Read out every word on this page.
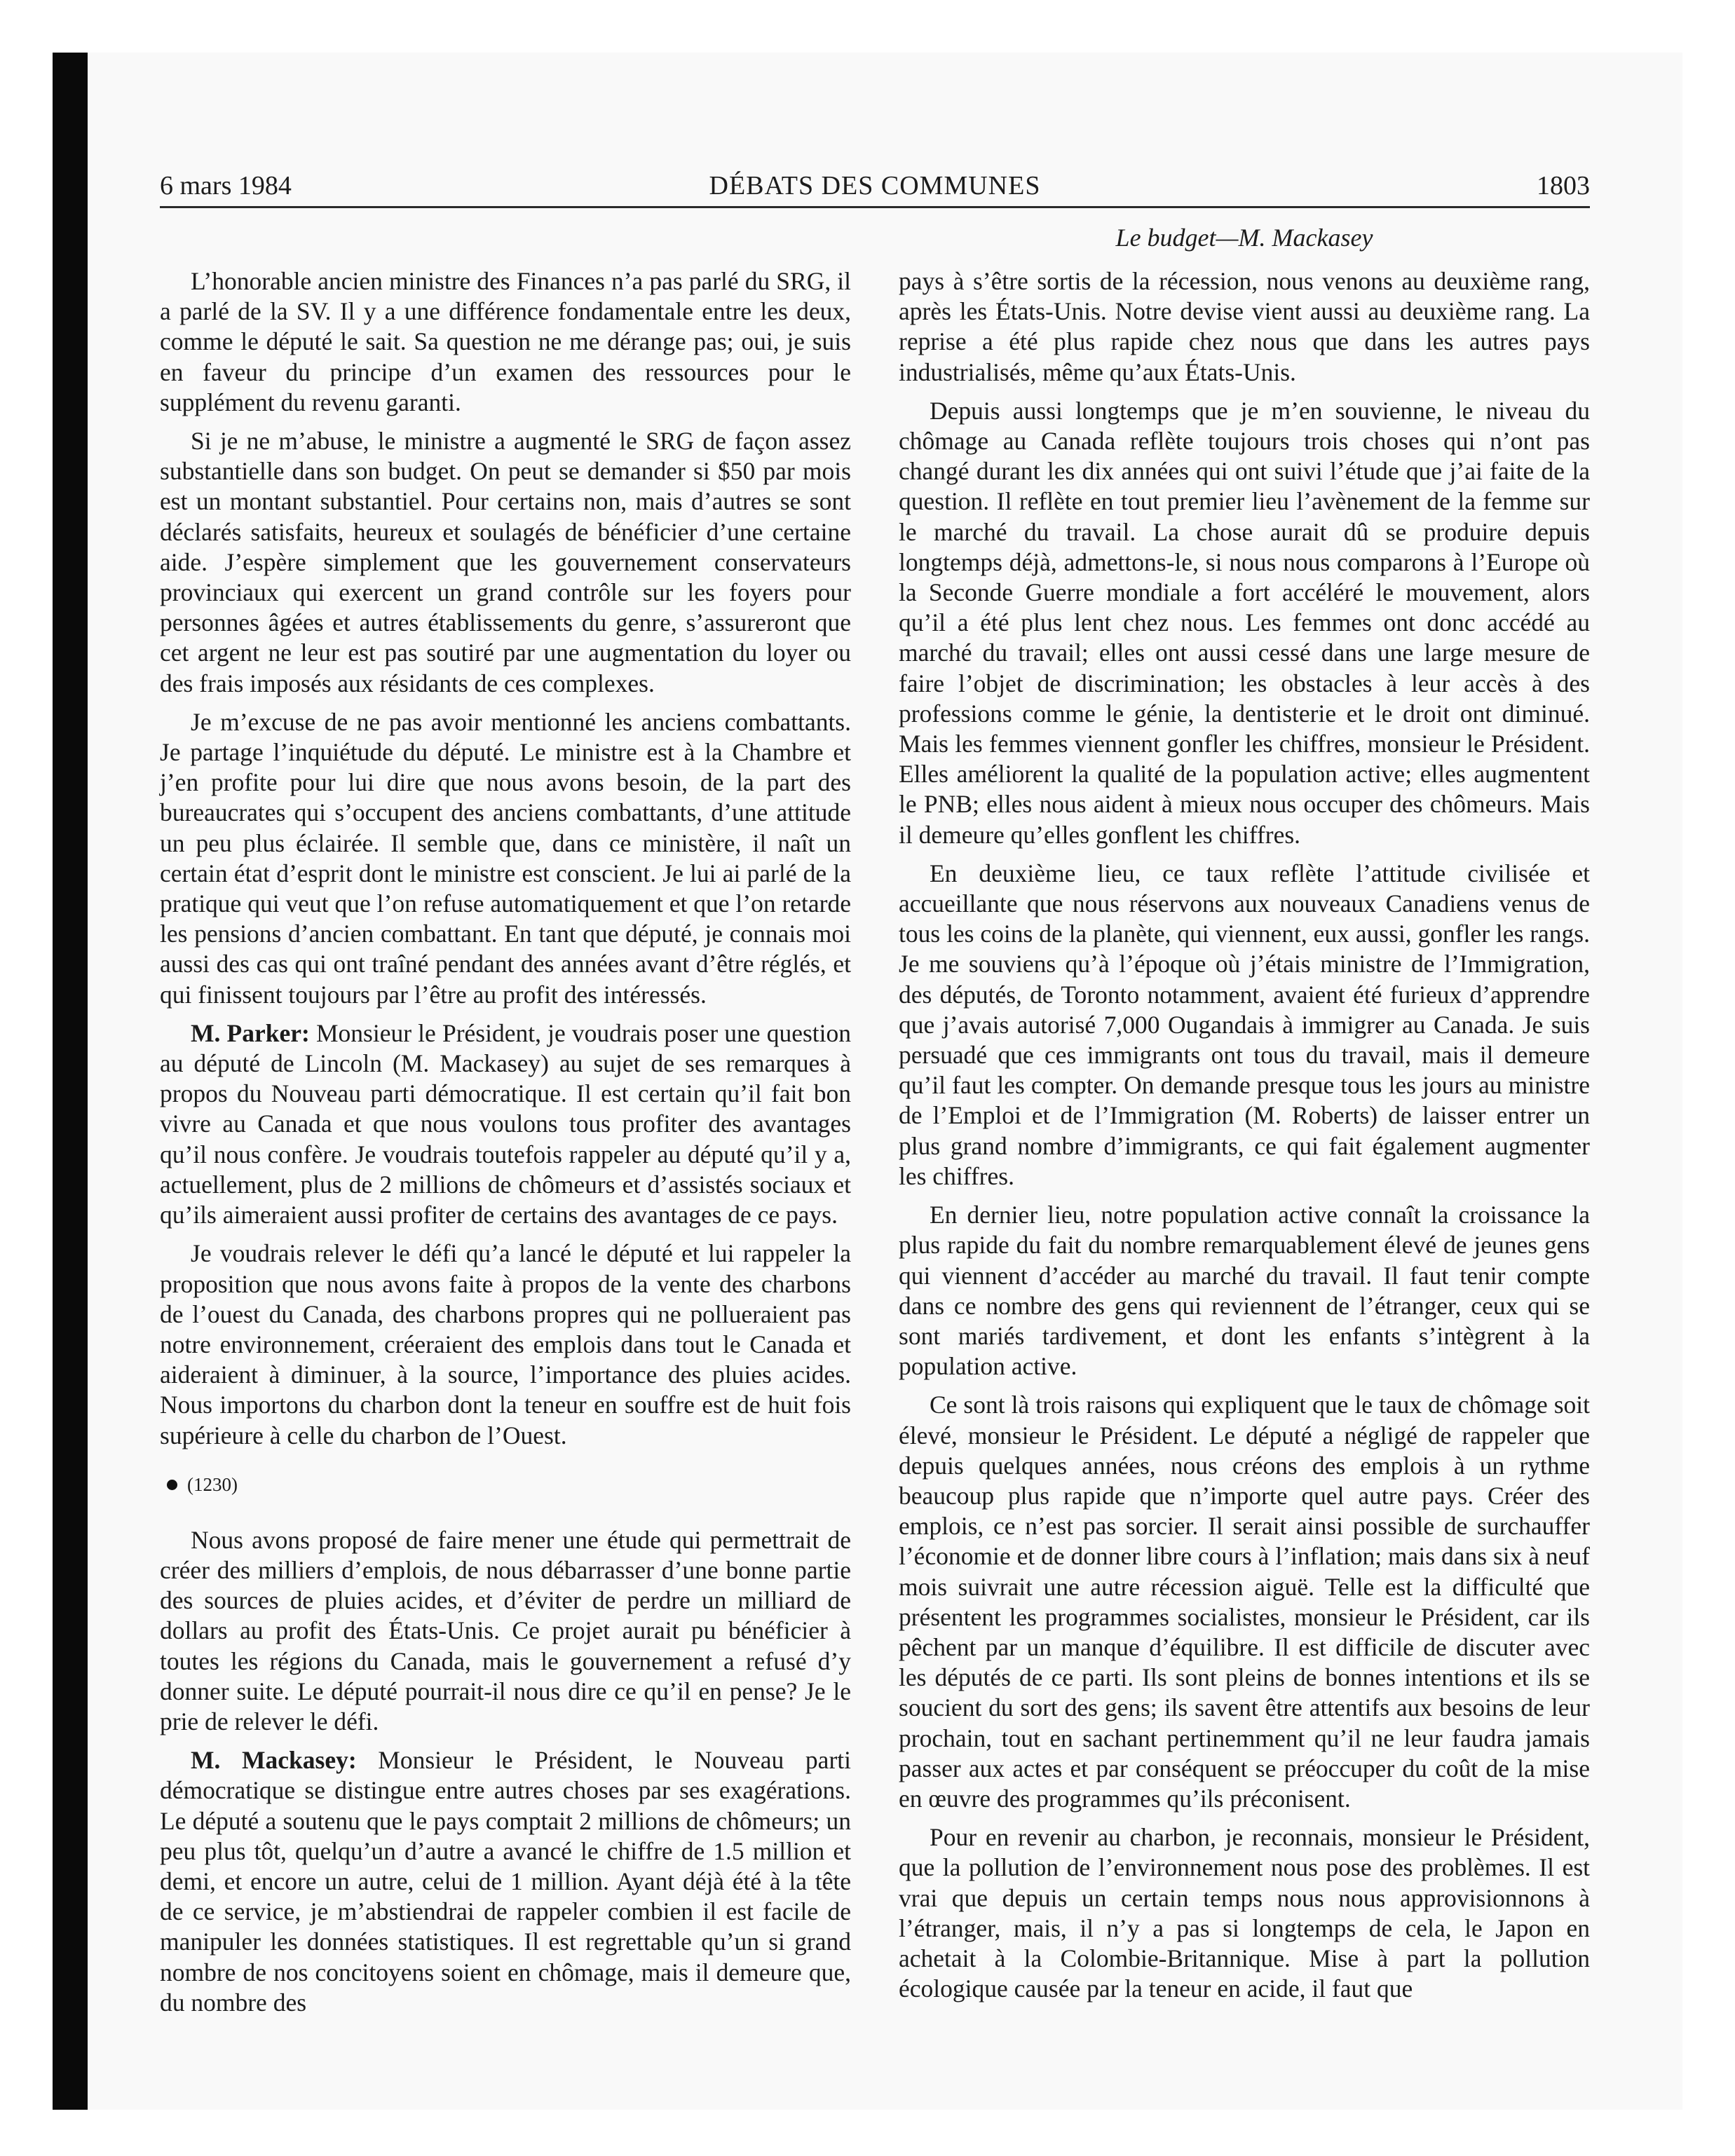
6 mars 1984	DÉBATS DES COMMUNES	1803
Le budget—M. Mackasey

L’honorable ancien ministre des Finances n’a pas parlé du SRG, il a parlé de la SV. Il y a une différence fondamentale entre les deux, comme le député le sait. Sa question ne me dérange pas; oui, je suis en faveur du principe d’un examen des ressources pour le supplément du revenu garanti.

Si je ne m’abuse, le ministre a augmenté le SRG de façon assez substantielle dans son budget. On peut se demander si $50 par mois est un montant substantiel. Pour certains non, mais d’autres se sont déclarés satisfaits, heureux et soulagés de bénéficier d’une certaine aide. J’espère simplement que les gouvernement conservateurs provinciaux qui exercent un grand contrôle sur les foyers pour personnes âgées et autres établissements du genre, s’assureront que cet argent ne leur est pas soutiré par une augmentation du loyer ou des frais imposés aux résidants de ces complexes.

Je m’excuse de ne pas avoir mentionné les anciens combattants. Je partage l’inquiétude du député. Le ministre est à la Chambre et j’en profite pour lui dire que nous avons besoin, de la part des bureaucrates qui s’occupent des anciens combattants, d’une attitude un peu plus éclairée. Il semble que, dans ce ministère, il naît un certain état d’esprit dont le ministre est conscient. Je lui ai parlé de la pratique qui veut que l’on refuse automatiquement et que l’on retarde les pensions d’ancien combattant. En tant que député, je connais moi aussi des cas qui ont traîné pendant des années avant d’être réglés, et qui finissent toujours par l’être au profit des intéressés.

M. Parker: Monsieur le Président, je voudrais poser une question au député de Lincoln (M. Mackasey) au sujet de ses remarques à propos du Nouveau parti démocratique. Il est certain qu’il fait bon vivre au Canada et que nous voulons tous profiter des avantages qu’il nous confère. Je voudrais toutefois rappeler au député qu’il y a, actuellement, plus de 2 millions de chômeurs et d’assistés sociaux et qu’ils aimeraient aussi profiter de certains des avantages de ce pays.

Je voudrais relever le défi qu’a lancé le député et lui rappeler la proposition que nous avons faite à propos de la vente des charbons de l’ouest du Canada, des charbons propres qui ne pollueraient pas notre environnement, créeraient des emplois dans tout le Canada et aideraient à diminuer, à la source, l’importance des pluies acides. Nous importons du charbon dont la teneur en souffre est de huit fois supérieure à celle du charbon de l’Ouest.

(1230)

Nous avons proposé de faire mener une étude qui permettrait de créer des milliers d’emplois, de nous débarrasser d’une bonne partie des sources de pluies acides, et d’éviter de perdre un milliard de dollars au profit des États-Unis. Ce projet aurait pu bénéficier à toutes les régions du Canada, mais le gouvernement a refusé d’y donner suite. Le député pourrait-il nous dire ce qu’il en pense? Je le prie de relever le défi.

M. Mackasey: Monsieur le Président, le Nouveau parti démocratique se distingue entre autres choses par ses exagérations. Le député a soutenu que le pays comptait 2 millions de chômeurs; un peu plus tôt, quelqu’un d’autre a avancé le chiffre de 1.5 million et demi, et encore un autre, celui de 1 million. Ayant déjà été à la tête de ce service, je m’abstiendrai de rappeler combien il est facile de manipuler les données statistiques. Il est regrettable qu’un si grand nombre de nos concitoyens soient en chômage, mais il demeure que, du nombre des

pays à s’être sortis de la récession, nous venons au deuxième rang, après les États-Unis. Notre devise vient aussi au deuxième rang. La reprise a été plus rapide chez nous que dans les autres pays industrialisés, même qu’aux États-Unis.

Depuis aussi longtemps que je m’en souvienne, le niveau du chômage au Canada reflète toujours trois choses qui n’ont pas changé durant les dix années qui ont suivi l’étude que j’ai faite de la question. Il reflète en tout premier lieu l’avènement de la femme sur le marché du travail. La chose aurait dû se produire depuis longtemps déjà, admettons-le, si nous nous comparons à l’Europe où la Seconde Guerre mondiale a fort accéléré le mouvement, alors qu’il a été plus lent chez nous. Les femmes ont donc accédé au marché du travail; elles ont aussi cessé dans une large mesure de faire l’objet de discrimination; les obstacles à leur accès à des professions comme le génie, la dentisterie et le droit ont diminué. Mais les femmes viennent gonfler les chiffres, monsieur le Président. Elles améliorent la qualité de la population active; elles augmentent le PNB; elles nous aident à mieux nous occuper des chômeurs. Mais il demeure qu’elles gonflent les chiffres.

En deuxième lieu, ce taux reflète l’attitude civilisée et accueillante que nous réservons aux nouveaux Canadiens venus de tous les coins de la planète, qui viennent, eux aussi, gonfler les rangs. Je me souviens qu’à l’époque où j’étais ministre de l’Immigration, des députés, de Toronto notamment, avaient été furieux d’apprendre que j’avais autorisé 7,000 Ougandais à immigrer au Canada. Je suis persuadé que ces immigrants ont tous du travail, mais il demeure qu’il faut les compter. On demande presque tous les jours au ministre de l’Emploi et de l’Immigration (M. Roberts) de laisser entrer un plus grand nombre d’immigrants, ce qui fait également augmenter les chiffres.

En dernier lieu, notre population active connaît la croissance la plus rapide du fait du nombre remarquablement élevé de jeunes gens qui viennent d’accéder au marché du travail. Il faut tenir compte dans ce nombre des gens qui reviennent de l’étranger, ceux qui se sont mariés tardivement, et dont les enfants s’intègrent à la population active.

Ce sont là trois raisons qui expliquent que le taux de chômage soit élevé, monsieur le Président. Le député a négligé de rappeler que depuis quelques années, nous créons des emplois à un rythme beaucoup plus rapide que n’importe quel autre pays. Créer des emplois, ce n’est pas sorcier. Il serait ainsi possible de surchauffer l’économie et de donner libre cours à l’inflation; mais dans six à neuf mois suivrait une autre récession aiguë. Telle est la difficulté que présentent les programmes socialistes, monsieur le Président, car ils pêchent par un manque d’équilibre. Il est difficile de discuter avec les députés de ce parti. Ils sont pleins de bonnes intentions et ils se soucient du sort des gens; ils savent être attentifs aux besoins de leur prochain, tout en sachant pertinemment qu’il ne leur faudra jamais passer aux actes et par conséquent se préoccuper du coût de la mise en œuvre des programmes qu’ils préconisent.

Pour en revenir au charbon, je reconnais, monsieur le Président, que la pollution de l’environnement nous pose des problèmes. Il est vrai que depuis un certain temps nous nous approvisionnons à l’étranger, mais, il n’y a pas si longtemps de cela, le Japon en achetait à la Colombie-Britannique. Mise à part la pollution écologique causée par la teneur en acide, il faut que
